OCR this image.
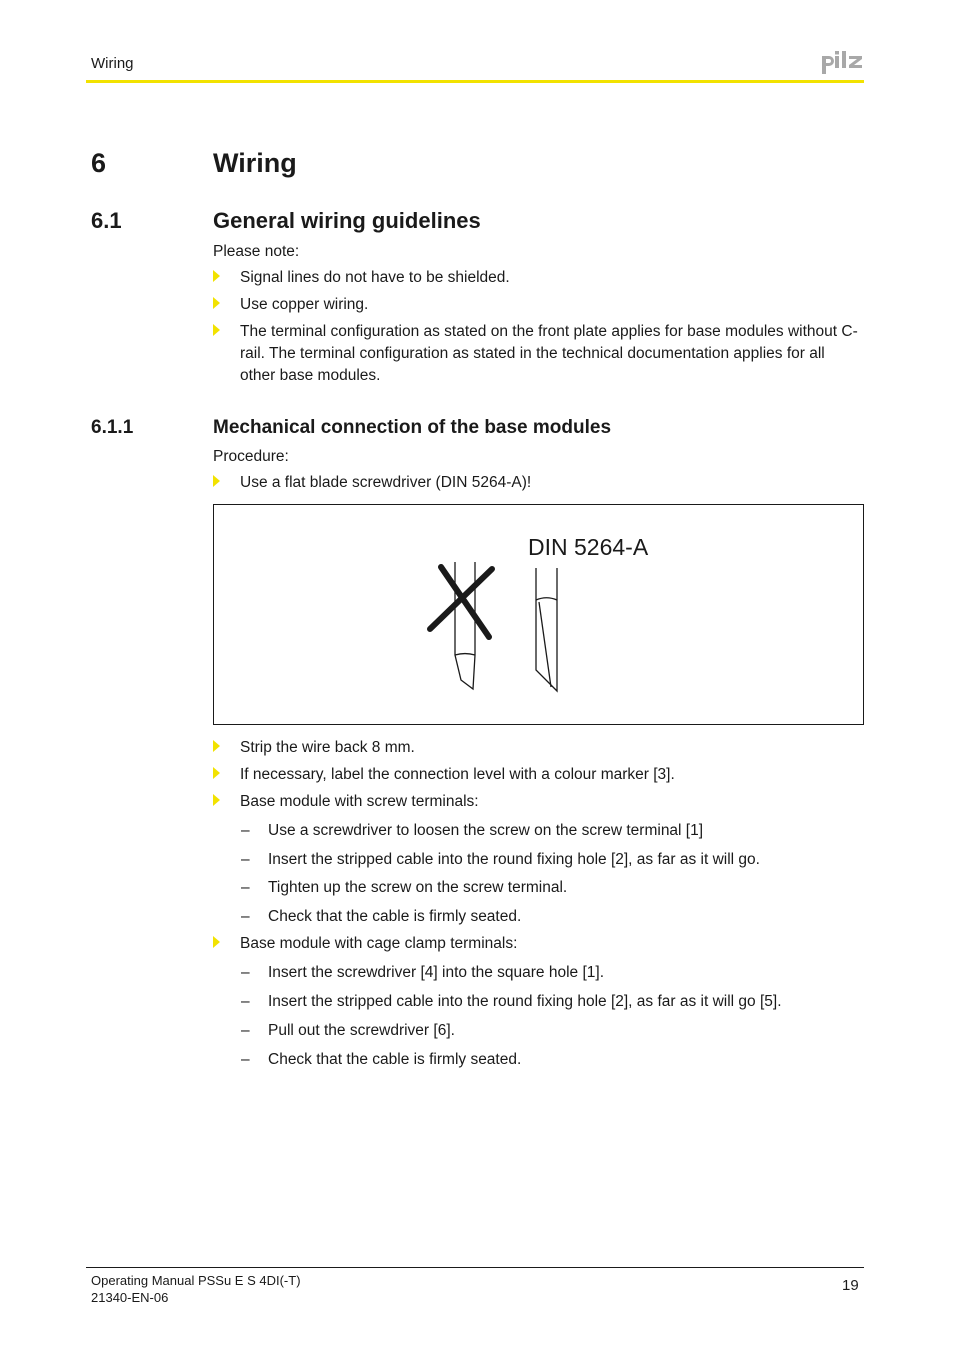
Wiring
6	Wiring
6.1	General wiring guidelines
Please note:
Signal lines do not have to be shielded.
Use copper wiring.
The terminal configuration as stated on the front plate applies for base modules without C-rail. The terminal configuration as stated in the technical documentation applies for all other base modules.
6.1.1	Mechanical connection of the base modules
Procedure:
Use a flat blade screwdriver (DIN 5264-A)!
DIN 5264-A
Strip the wire back 8 mm.
If necessary, label the connection level with a colour marker [3].
Base module with screw terminals:
– Use a screwdriver to loosen the screw on the screw terminal [1]
– Insert the stripped cable into the round fixing hole [2], as far as it will go.
– Tighten up the screw on the screw terminal.
– Check that the cable is firmly seated.
Base module with cage clamp terminals:
– Insert the screwdriver [4] into the square hole [1].
– Insert the stripped cable into the round fixing hole [2], as far as it will go [5].
– Pull out the screwdriver [6].
– Check that the cable is firmly seated.
Operating Manual PSSu E S 4DI(-T)
21340-EN-06
19
